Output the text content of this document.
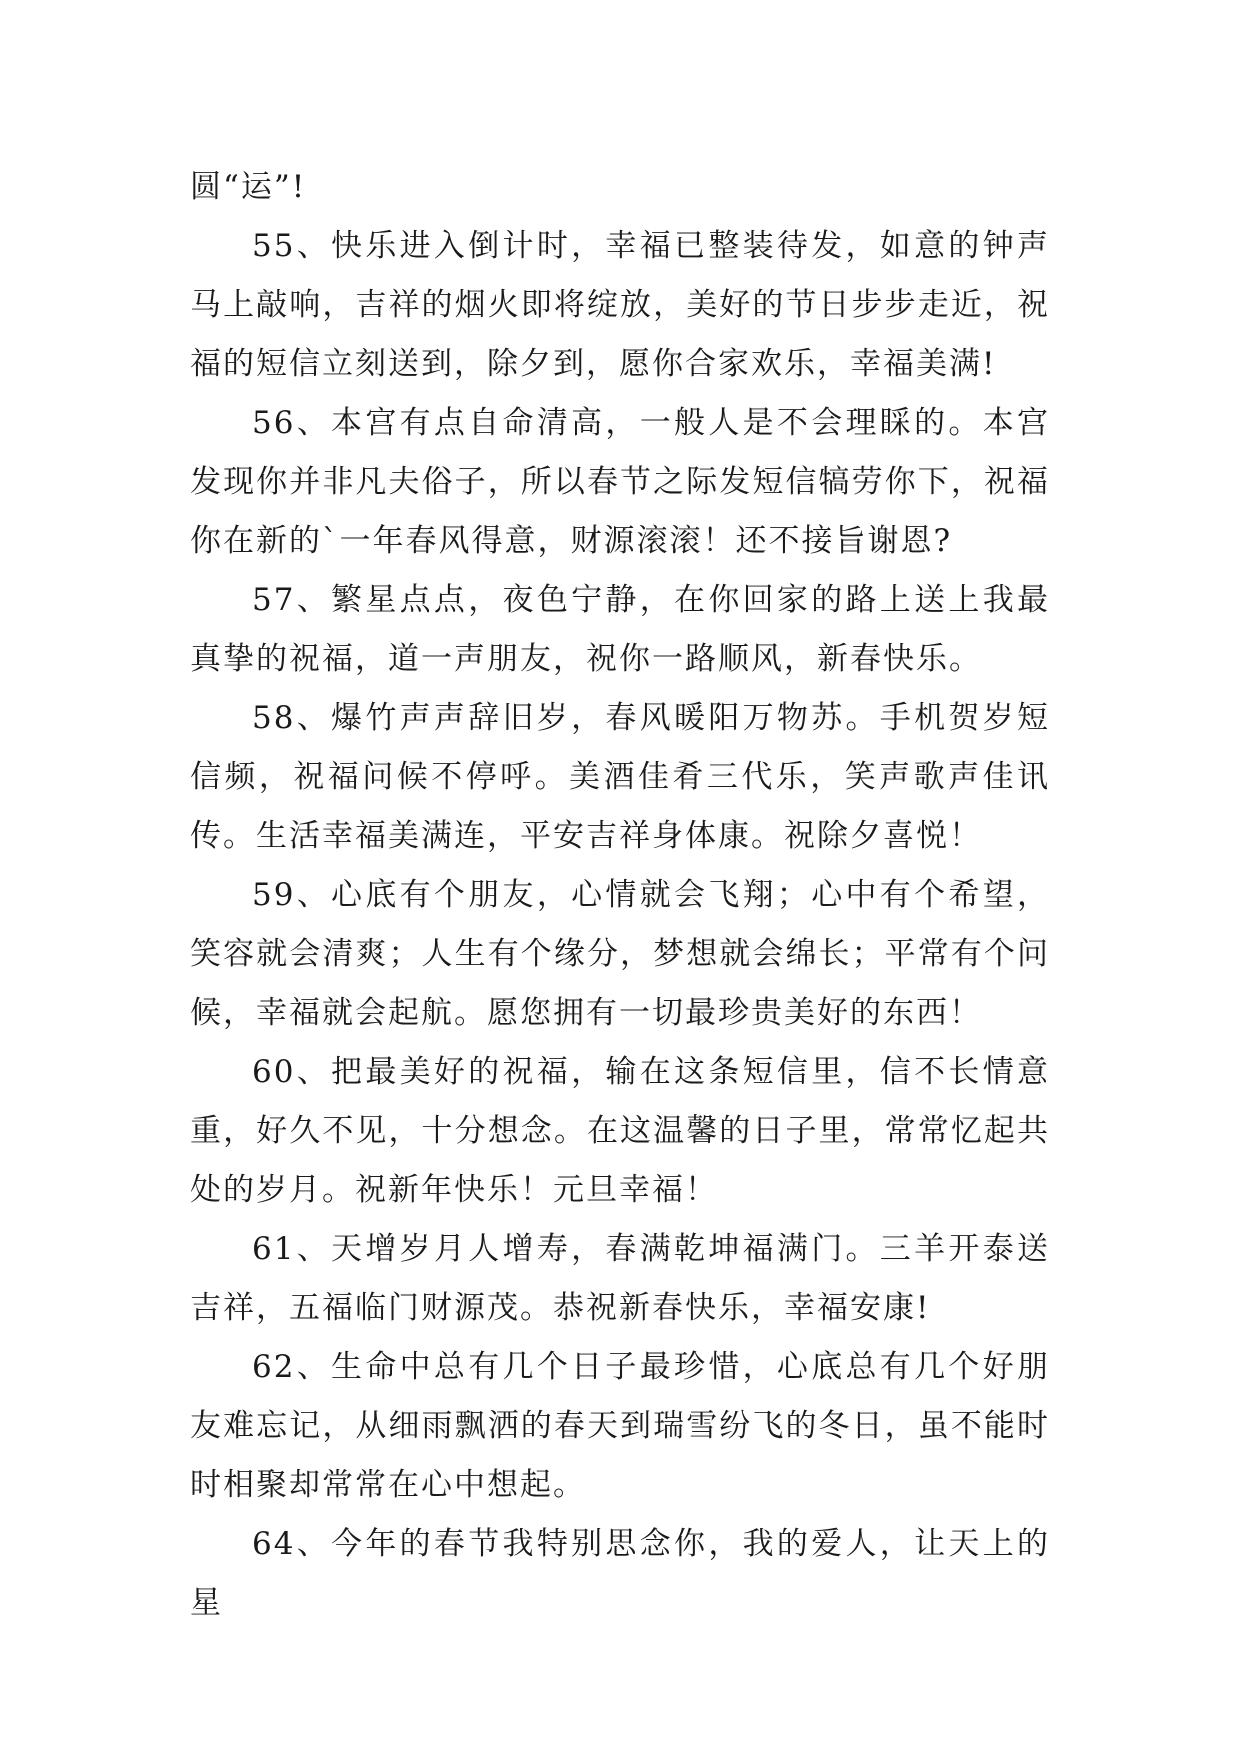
圆“运”!

55、快乐进入倒计时，幸福已整装待发，如意的钟声马上敲响，吉祥的烟火即将绽放，美好的节日步步走近，祝福的短信立刻送到，除夕到，愿你合家欢乐，幸福美满!

56、本宫有点自命清高，一般人是不会理睬的。本宫发现你并非凡夫俗子，所以春节之际发短信犒劳你下，祝福你在新的`一年春风得意，财源滚滚！还不接旨谢恩?

57、繁星点点，夜色宁静，在你回家的路上送上我最真挚的祝福，道一声朋友，祝你一路顺风，新春快乐。

58、爆竹声声辞旧岁，春风暖阳万物苏。手机贺岁短信频，祝福问候不停呼。美酒佳肴三代乐，笑声歌声佳讯传。生活幸福美满连，平安吉祥身体康。祝除夕喜悦！

59、心底有个朋友，心情就会飞翔；心中有个希望，笑容就会清爽；人生有个缘分，梦想就会绵长；平常有个问候，幸福就会起航。愿您拥有一切最珍贵美好的东西！

60、把最美好的祝福，输在这条短信里，信不长情意重，好久不见，十分想念。在这温馨的日子里，常常忆起共处的岁月。祝新年快乐！元旦幸福！

61、天增岁月人增寿，春满乾坤福满门。三羊开泰送吉祥，五福临门财源茂。恭祝新春快乐，幸福安康!

62、生命中总有几个日子最珍惜，心底总有几个好朋友难忘记，从细雨飘洒的春天到瑞雪纷飞的冬日，虽不能时时相聚却常常在心中想起。

64、今年的春节我特别思念你，我的爱人，让天上的星
